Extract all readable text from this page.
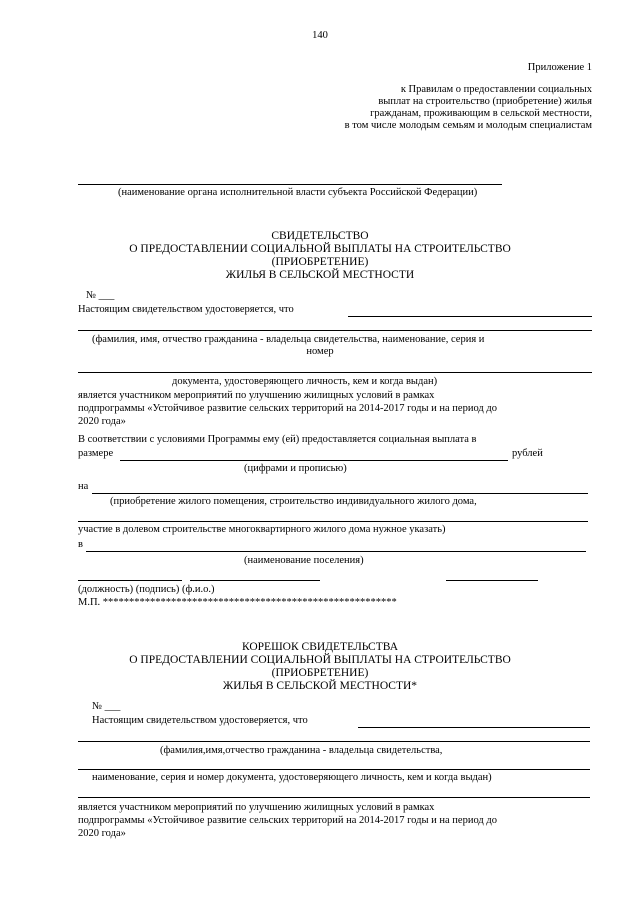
140
Приложение 1
к Правилам о предоставлении социальных
выплат на строительство (приобретение) жилья
гражданам, проживающим в сельской местности,
в том числе молодым семьям и молодым специалистам
(наименование органа исполнительной власти субъекта Российской Федерации)
СВИДЕТЕЛЬСТВО
О ПРЕДОСТАВЛЕНИИ СОЦИАЛЬНОЙ ВЫПЛАТЫ НА СТРОИТЕЛЬСТВО
(ПРИОБРЕТЕНИЕ)
ЖИЛЬЯ В СЕЛЬСКОЙ МЕСТНОСТИ
№ ___
Настоящим свидетельством удостоверяется, что
(фамилия, имя, отчество гражданина - владельца свидетельства, наименование, серия и
номер
документа, удостоверяющего личность, кем и когда выдан)
является участником мероприятий по улучшению жилищных условий в рамках
подпрограммы «Устойчивое развитие сельских территорий на 2014-2017 годы и на период до
2020 года»
В соответствии с условиями Программы ему (ей) предоставляется социальная выплата в
размере	рублей
(цифрами и прописью)
на
(приобретение жилого помещения, строительство индивидуального жилого дома,
участие в долевом строительстве многоквартирного жилого дома нужное указать)
в
(наименование поселения)
(должность) (подпись) (ф.и.о.)
М.П. ********************************************************
КОРЕШОК СВИДЕТЕЛЬСТВА
О ПРЕДОСТАВЛЕНИИ СОЦИАЛЬНОЙ ВЫПЛАТЫ НА СТРОИТЕЛЬСТВО
(ПРИОБРЕТЕНИЕ)
ЖИЛЬЯ В СЕЛЬСКОЙ МЕСТНОСТИ*
№ ___
Настоящим свидетельством удостоверяется, что
(фамилия,имя,отчество гражданина - владельца свидетельства,
наименование, серия и номер документа, удостоверяющего личность, кем и когда выдан)
является участником мероприятий по улучшению жилищных условий в рамках
подпрограммы «Устойчивое развитие сельских территорий на 2014-2017 годы и на период до
2020 года»
